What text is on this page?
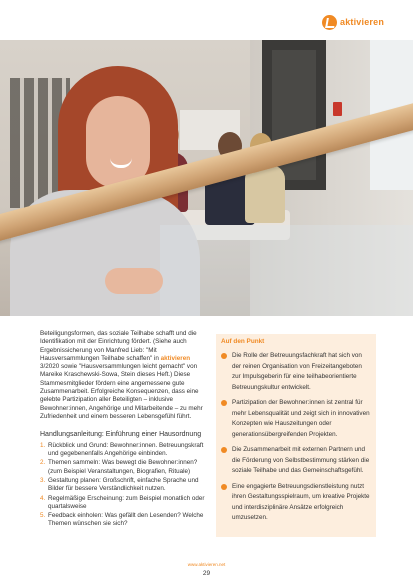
aktivieren

Beteiligungsformen, das soziale Teilhabe schafft und die Identifikation mit der Einrichtung fördert. (Siehe auch Ergebnissicherung von Manfred Lieb: "Mit Hausversammlungen Teilhabe schaffen" in aktivieren 3/2020 sowie "Hausversammlungen leicht gemacht" von Mareike Kraschewski-Sowa, Stein dieses Heft.) Diese Stammesmitglieder fördern eine angemessene gute Zusammenarbeit. Erfolgreiche Konsequenzen, dass eine gelebte Partizipation aller Beteiligten – inklusive Bewohner:innen, Angehörige und Mitarbeitende – zu mehr Zufriedenheit und einem besseren Lebensgefühl führt.

Handlungsanleitung: Einführung einer Hausordnung

1. Rückblick und Grund: Bewohner:innen. Betreuungskraft und gegebenenfalls Angehörige einbinden.
2. Themen sammeln: Was bewegt die Bewohner:innen? (zum Beispiel Veranstaltungen, Biografien, Rituale)
3. Gestaltung planen: Großschrift, einfache Sprache und Bilder für bessere Verständlichkeit nutzen.
4. Regelmäßige Erscheinung: zum Beispiel monatlich oder quartalsweise
5. Feedback einholen: Was gefällt den Lesenden? Welche Themen wünschen sie sich?

Auf den Punkt

Die Rolle der Betreuungsfachkraft hat sich von der reinen Organisation von Freizeitangeboten zur Impulsgeberin für eine teilhabeorientierte Betreuungskultur entwickelt.
Partizipation der Bewohner:innen ist zentral für mehr Lebensqualität und zeigt sich in innovativen Konzepten wie Hauszeitungen oder generationsübergreifenden Projekten.
Die Zusammenarbeit mit externen Partnern und die Förderung von Selbstbestimmung stärken die soziale Teilhabe und das Gemeinschaftsgefühl.
Eine engagierte Betreuungsdienstleistung nutzt ihren Gestaltungsspielraum, um kreative Projekte und interdisziplinäre Ansätze erfolgreich umzusetzen.
www.aktivieren.net
29
